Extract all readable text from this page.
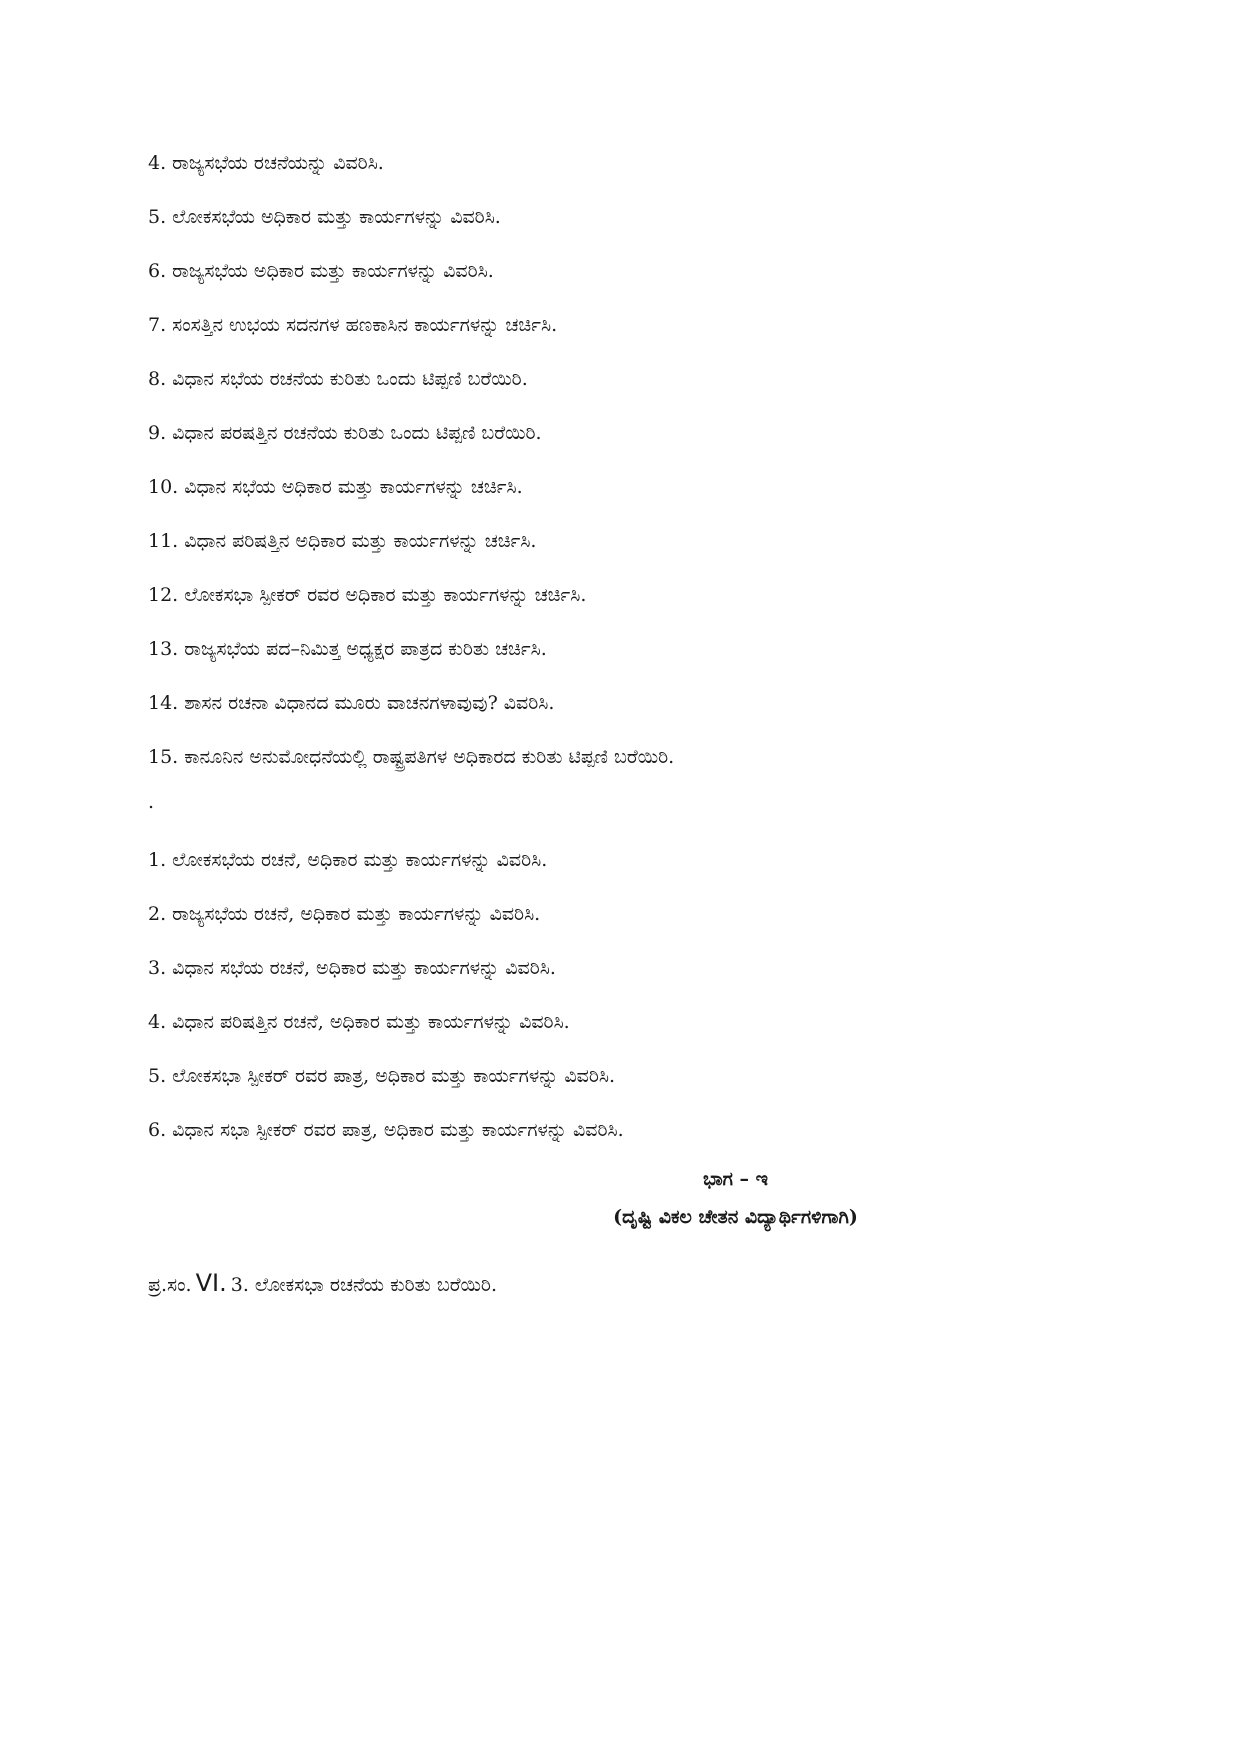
4. ರಾಜ್ಯಸಭೆಯ ರಚನೆಯನ್ನು ವಿವರಿಸಿ.
5. ಲೋಕಸಭೆಯ ಅಧಿಕಾರ ಮತ್ತು ಕಾರ್ಯಗಳನ್ನು ವಿವರಿಸಿ.
6. ರಾಜ್ಯಸಭೆಯ ಅಧಿಕಾರ ಮತ್ತು ಕಾರ್ಯಗಳನ್ನು ವಿವರಿಸಿ.
7. ಸಂಸತ್ತಿನ ಉಭಯ ಸದನಗಳ ಹಣಕಾಸಿನ ಕಾರ್ಯಗಳನ್ನು ಚರ್ಚಿಸಿ.
8. ವಿಧಾನ ಸಭೆಯ ರಚನೆಯ ಕುರಿತು ಒಂದು ಟಿಪ್ಪಣಿ ಬರೆಯಿರಿ.
9. ವಿಧಾನ ಪರಷತ್ತಿನ ರಚನೆಯ ಕುರಿತು ಒಂದು ಟಿಪ್ಪಣಿ ಬರೆಯಿರಿ.
10. ವಿಧಾನ ಸಭೆಯ ಅಧಿಕಾರ ಮತ್ತು ಕಾರ್ಯಗಳನ್ನು ಚರ್ಚಿಸಿ.
11. ವಿಧಾನ ಪರಿಷತ್ತಿನ ಅಧಿಕಾರ ಮತ್ತು ಕಾರ್ಯಗಳನ್ನು ಚರ್ಚಿಸಿ.
12. ಲೋಕಸಭಾ ಸ್ಪೀಕರ್ ರವರ ಅಧಿಕಾರ ಮತ್ತು ಕಾರ್ಯಗಳನ್ನು ಚರ್ಚಿಸಿ.
13. ರಾಜ್ಯಸಭೆಯ ಪದ–ನಿಮಿತ್ತ ಅಧ್ಯಕ್ಷರ ಪಾತ್ರದ ಕುರಿತು ಚರ್ಚಿಸಿ.
14. ಶಾಸನ ರಚನಾ ವಿಧಾನದ ಮೂರು ವಾಚನಗಳಾವುವು? ವಿವರಿಸಿ.
15. ಕಾನೂನಿನ ಅನುಮೋಧನೆಯಲ್ಲಿ ರಾಷ್ಟ್ರಪತಿಗಳ ಅಧಿಕಾರದ ಕುರಿತು ಟಿಪ್ಪಣಿ ಬರೆಯಿರಿ.
.
1. ಲೋಕಸಭೆಯ ರಚನೆ, ಅಧಿಕಾರ ಮತ್ತು ಕಾರ್ಯಗಳನ್ನು ವಿವರಿಸಿ.
2. ರಾಜ್ಯಸಭೆಯ ರಚನೆ, ಅಧಿಕಾರ ಮತ್ತು ಕಾರ್ಯಗಳನ್ನು ವಿವರಿಸಿ.
3. ವಿಧಾನ ಸಭೆಯ ರಚನೆ, ಅಧಿಕಾರ ಮತ್ತು ಕಾರ್ಯಗಳನ್ನು ವಿವರಿಸಿ.
4. ವಿಧಾನ ಪರಿಷತ್ತಿನ ರಚನೆ, ಅಧಿಕಾರ ಮತ್ತು ಕಾರ್ಯಗಳನ್ನು ವಿವರಿಸಿ.
5. ಲೋಕಸಭಾ ಸ್ಪೀಕರ್ ರವರ ಪಾತ್ರ, ಅಧಿಕಾರ ಮತ್ತು ಕಾರ್ಯಗಳನ್ನು ವಿವರಿಸಿ.
6. ವಿಧಾನ ಸಭಾ ಸ್ಪೀಕರ್ ರವರ ಪಾತ್ರ, ಅಧಿಕಾರ ಮತ್ತು ಕಾರ್ಯಗಳನ್ನು ವಿವರಿಸಿ.
ಭಾಗ – ಇ
(ದೃಷ್ಟಿ ವಿಕಲ ಚೇತನ ವಿದ್ಯಾರ್ಥಿಗಳಿಗಾಗಿ)
ಪ್ರ.ಸಂ. VI. 3. ಲೋಕಸಭಾ ರಚನೆಯ ಕುರಿತು ಬರೆಯಿರಿ.
